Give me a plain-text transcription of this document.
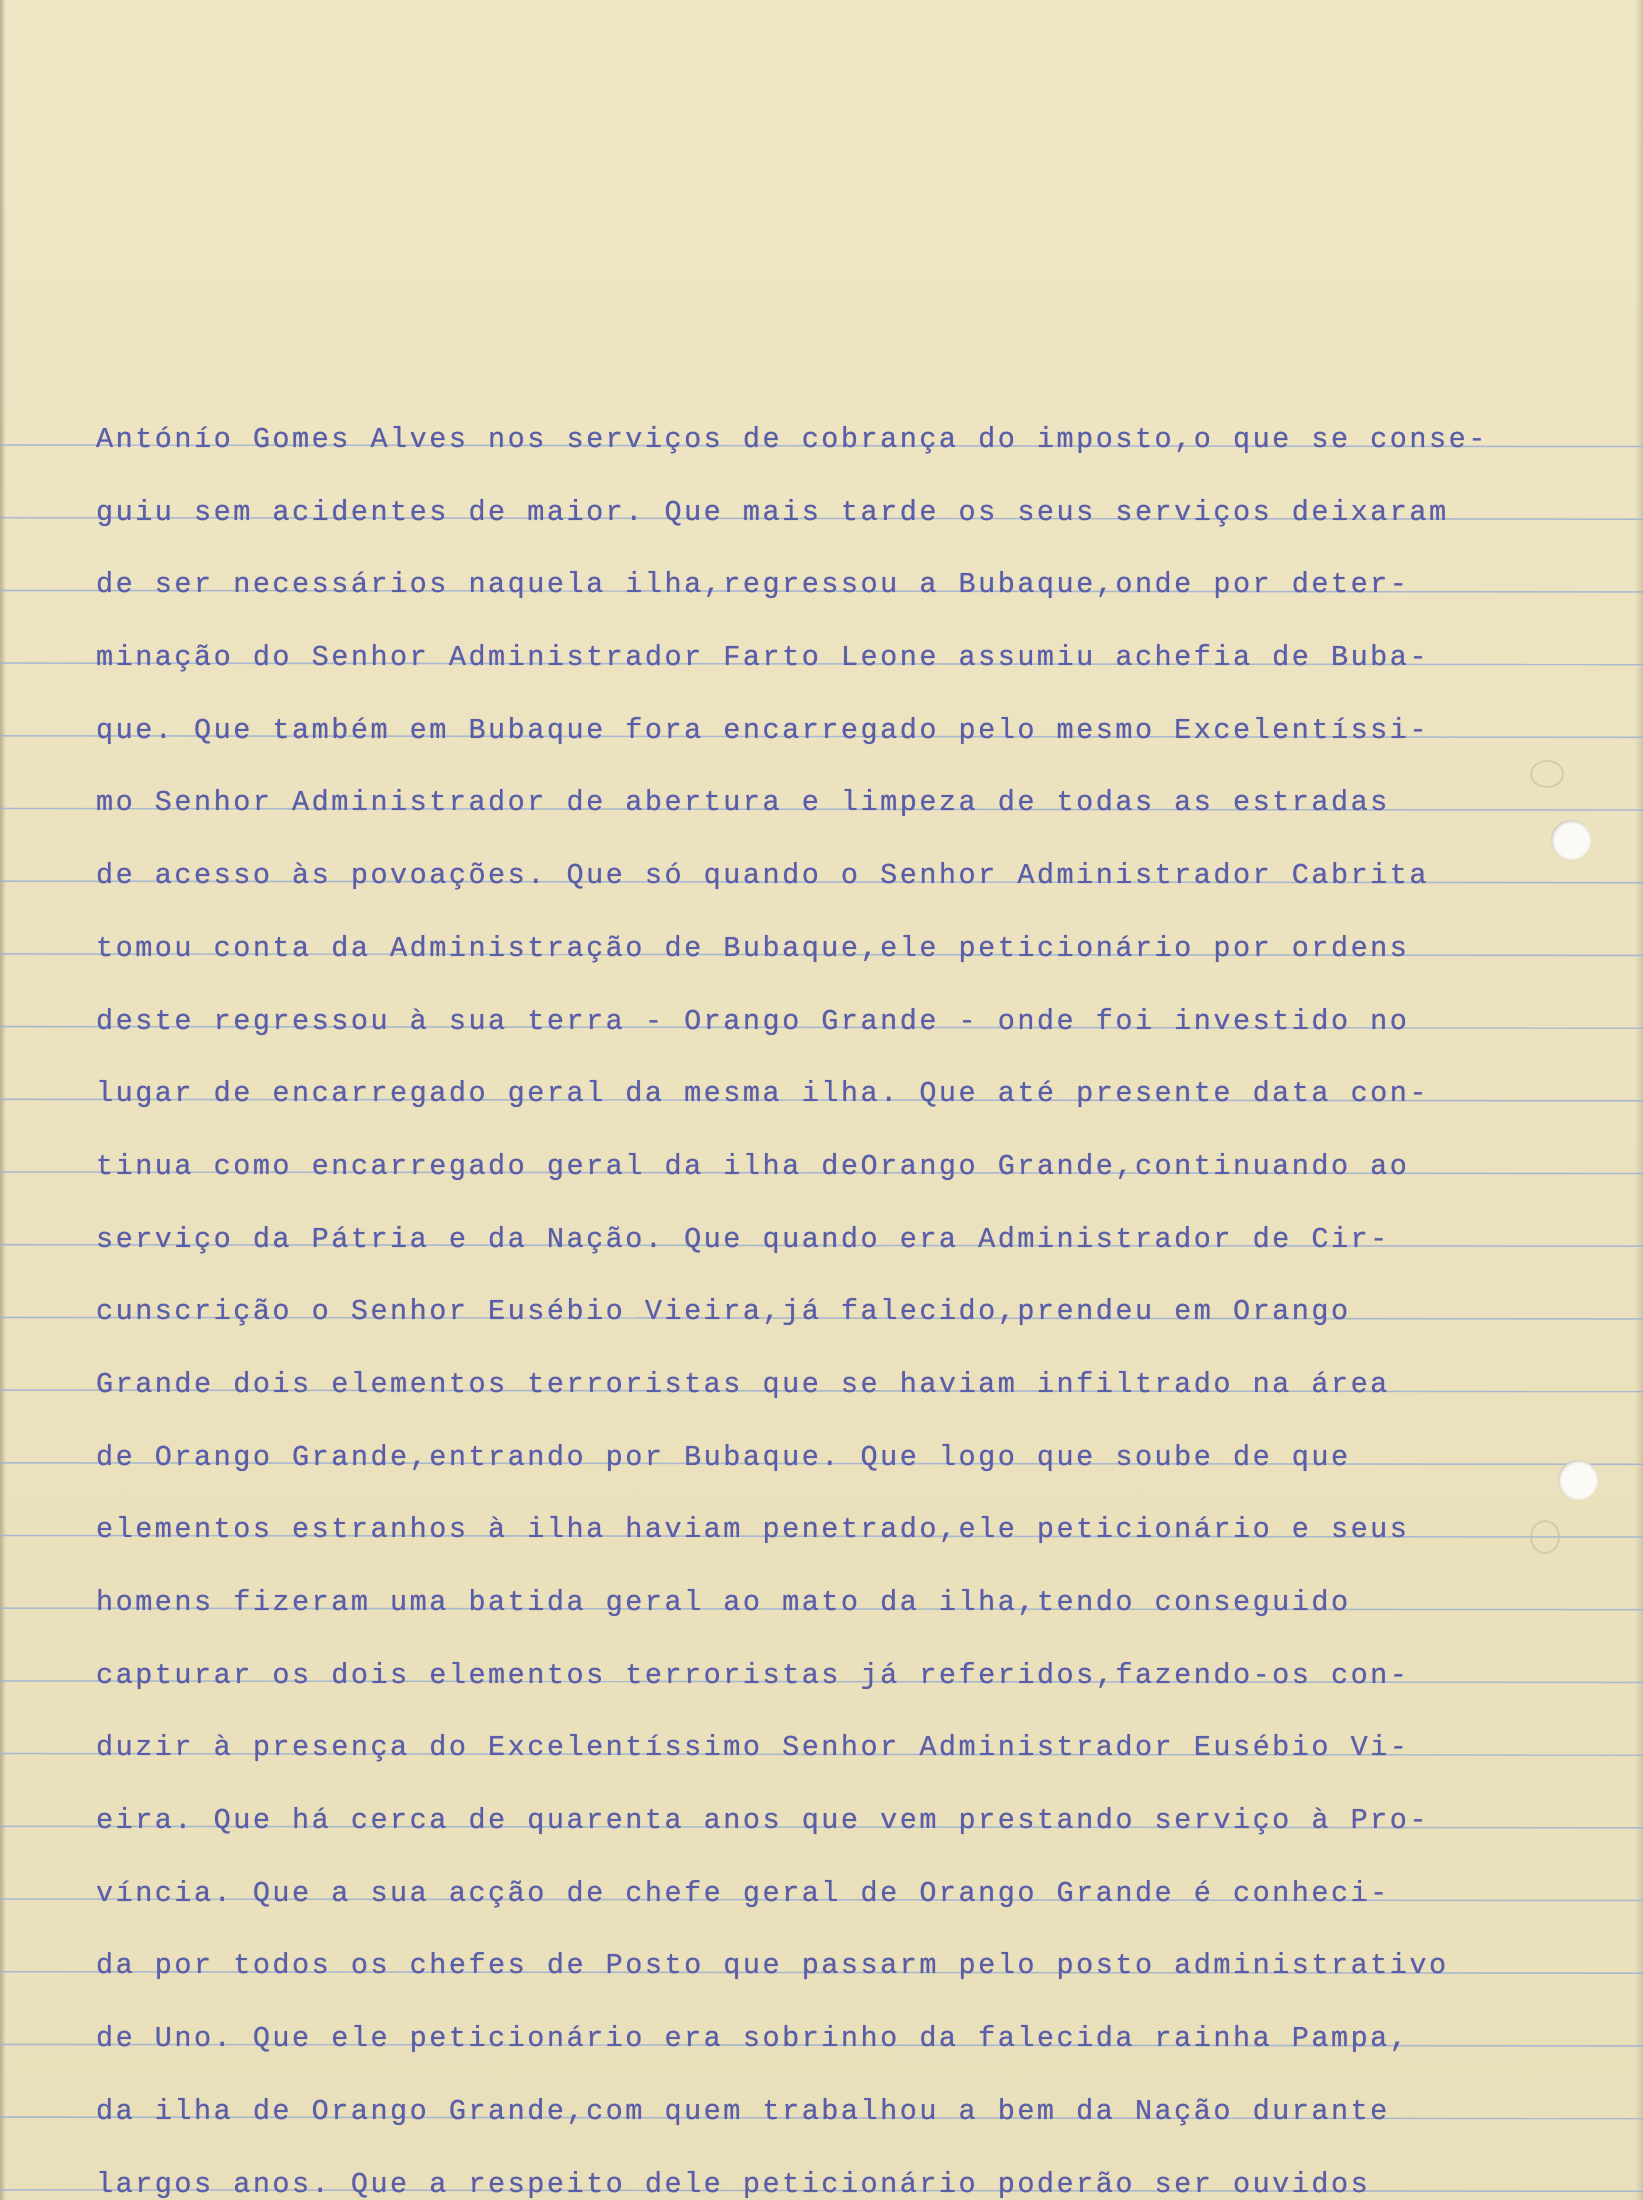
Antónío Gomes Alves nos serviços de cobrança do imposto,o que se conse-
guiu sem acidentes de maior. Que mais tarde os seus serviços deixaram
de ser necessários naquela ilha,regressou a Bubaque,onde por deter-
minação do Senhor Administrador Farto Leone assumiu achefia de Buba-
que. Que também em Bubaque fora encarregado pelo mesmo Excelentíssi-
mo Senhor Administrador de abertura e limpeza de todas as estradas
de acesso às povoações. Que só quando o Senhor Administrador Cabrita
tomou conta da Administração de Bubaque,ele peticionário por ordens
deste regressou à sua terra - Orango Grande - onde foi investido no
lugar de encarregado geral da mesma ilha. Que até presente data con-
tinua como encarregado geral da ilha deOrango Grande,continuando ao
serviço da Pátria e da Nação. Que quando era Administrador de Cir-
cunscrição o Senhor Eusébio Vieira,já falecido,prendeu em Orango
Grande dois elementos terroristas que se haviam infiltrado na área
de Orango Grande,entrando por Bubaque. Que logo que soube de que
elementos estranhos à ilha haviam penetrado,ele peticionário e seus
homens fizeram uma batida geral ao mato da ilha,tendo conseguido
capturar os dois elementos terroristas já referidos,fazendo-os con-
duzir à presença do Excelentíssimo Senhor Administrador Eusébio Vi-
eira. Que há cerca de quarenta anos que vem prestando serviço à Pro-
víncia. Que a sua acção de chefe geral de Orango Grande é conheci-
da por todos os chefes de Posto que passarm pelo posto administrativo
de Uno. Que ele peticionário era sobrinho da falecida rainha Pampa,
da ilha de Orango Grande,com quem trabalhou a bem da Nação durante
largos anos. Que a respeito dele peticionário poderão ser ouvidos
